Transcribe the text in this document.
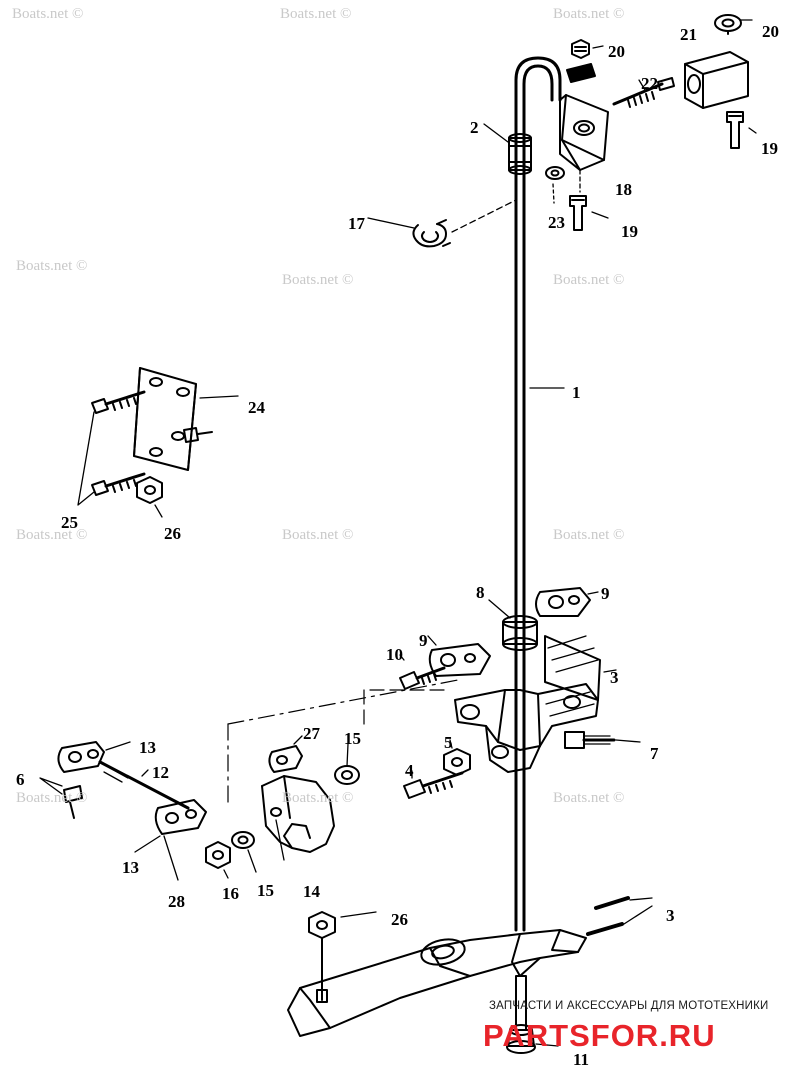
Boats.net ©	Boats.net ©	Boats.net ©
Boats.net ©
Boats.net ©	Boats.net ©
Boats.net ©	Boats.net ©	Boats.net ©
Boats.net ©	Boats.net ©	Boats.net ©
1
2
3
3
4
5
6
7
8	9
9
10
11
12
13
13
14
15
15
16
17
18
19
19
20
20
21
22
23
24
25
26
26
27
28
ЗАПЧАСТИ И АКСЕССУАРЫ ДЛЯ МОТОТЕХНИКИ
PARTSFOR.RU
